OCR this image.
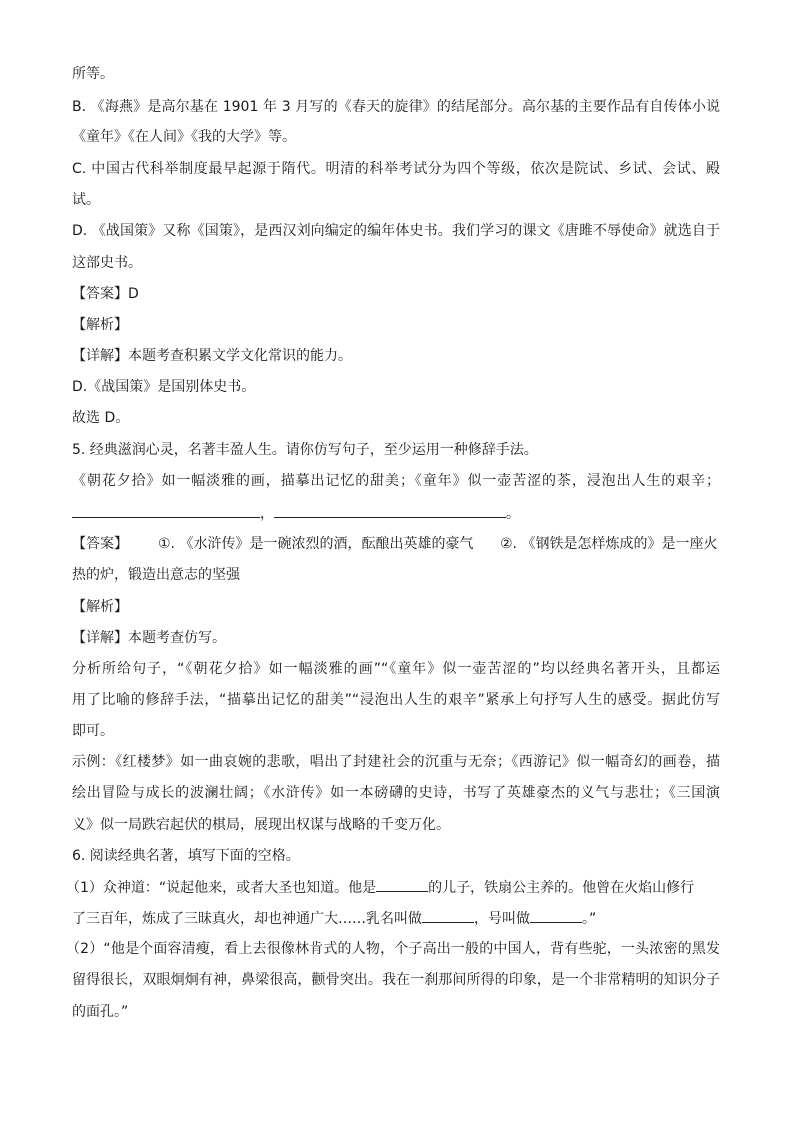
所等。
B. 《海燕》是高尔基在 1901 年 3 月写的《春天的旋律》的结尾部分。高尔基的主要作品有自传体小说
《童年》《在人间》《我的大学》等。
C. 中国古代科举制度最早起源于隋代。明清的科举考试分为四个等级，依次是院试、乡试、会试、殿
试。
D. 《战国策》又称《国策》，是西汉刘向编定的编年体史书。我们学习的课文《唐雎不辱使命》就选自于
这部史书。
【答案】D
【解析】
【详解】本题考查积累文学文化常识的能力。
D.《战国策》是国别体史书。
故选 D。
5. 经典滋润心灵，名著丰盈人生。请你仿写句子，至少运用一种修辞手法。
《朝花夕拾》如一幅淡雅的画，描摹出记忆的甜美；《童年》似一壶苦涩的茶，浸泡出人生的艰辛；
，	。
【答案】 ①. 《水浒传》是一碗浓烈的酒，酝酿出英雄的豪气 ②. 《钢铁是怎样炼成的》是一座火
热的炉，锻造出意志的坚强
【解析】
【详解】本题考查仿写。
分析所给句子，“《朝花夕拾》如一幅淡雅的画”“《童年》似一壶苦涩的”均以经典名著开头，且都运
用了比喻的修辞手法，“描摹出记忆的甜美”“浸泡出人生的艰辛”紧承上句抒写人生的感受。据此仿写
即可。
示例：《红楼梦》如一曲哀婉的悲歌，唱出了封建社会的沉重与无奈；《西游记》似一幅奇幻的画卷，描
绘出冒险与成长的波澜壮阔；《水浒传》如一本磅礴的史诗，书写了英雄豪杰的义气与悲壮；《三国演
义》似一局跌宕起伏的棋局，展现出权谋与战略的千变万化。
6. 阅读经典名著，填写下面的空格。
（1）众神道：“说起他来，或者大圣也知道。他是	的儿子，铁扇公主养的。他曾在火焰山修行
了三百年，炼成了三昧真火，却也神通广大……乳名叫做	，号叫做	。”
（2）“他是个面容清瘦，看上去很像林肯式的人物，个子高出一般的中国人，背有些驼，一头浓密的黑发
留得很长，双眼炯炯有神，鼻梁很高，颧骨突出。我在一刹那间所得的印象，是一个非常精明的知识分子
的面孔。”
